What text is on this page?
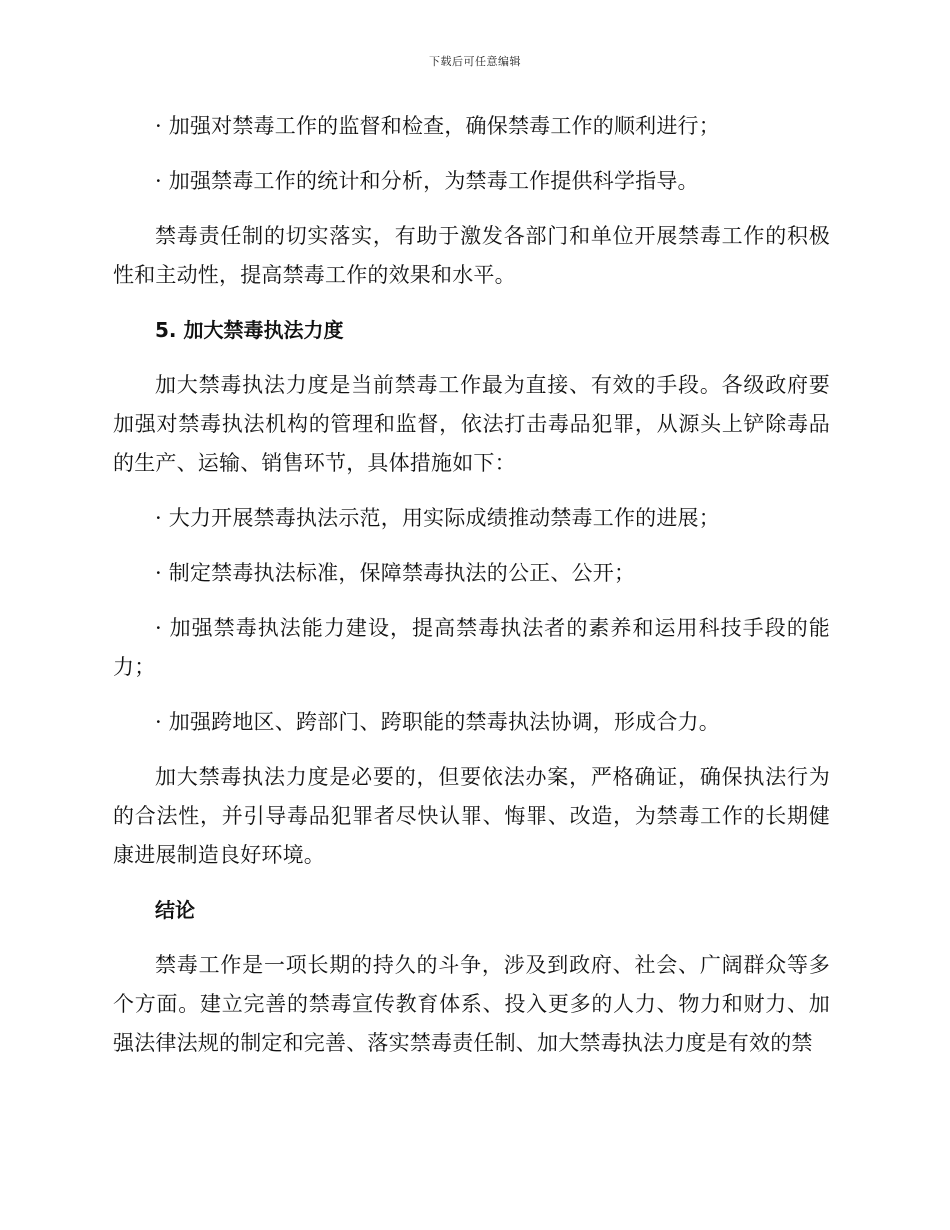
下载后可任意编辑

· 加强对禁毒工作的监督和检查，确保禁毒工作的顺利进行；

· 加强禁毒工作的统计和分析，为禁毒工作提供科学指导。

禁毒责任制的切实落实，有助于激发各部门和单位开展禁毒工作的积极性和主动性，提高禁毒工作的效果和水平。

5. 加大禁毒执法力度

加大禁毒执法力度是当前禁毒工作最为直接、有效的手段。各级政府要加强对禁毒执法机构的管理和监督，依法打击毒品犯罪，从源头上铲除毒品的生产、运输、销售环节，具体措施如下：

· 大力开展禁毒执法示范，用实际成绩推动禁毒工作的进展；

· 制定禁毒执法标准，保障禁毒执法的公正、公开；

· 加强禁毒执法能力建设，提高禁毒执法者的素养和运用科技手段的能力；

· 加强跨地区、跨部门、跨职能的禁毒执法协调，形成合力。

加大禁毒执法力度是必要的，但要依法办案，严格确证，确保执法行为的合法性，并引导毒品犯罪者尽快认罪、悔罪、改造，为禁毒工作的长期健康进展制造良好环境。

结论

禁毒工作是一项长期的持久的斗争，涉及到政府、社会、广阔群众等多个方面。建立完善的禁毒宣传教育体系、投入更多的人力、物力和财力、加强法律法规的制定和完善、落实禁毒责任制、加大禁毒执法力度是有效的禁
